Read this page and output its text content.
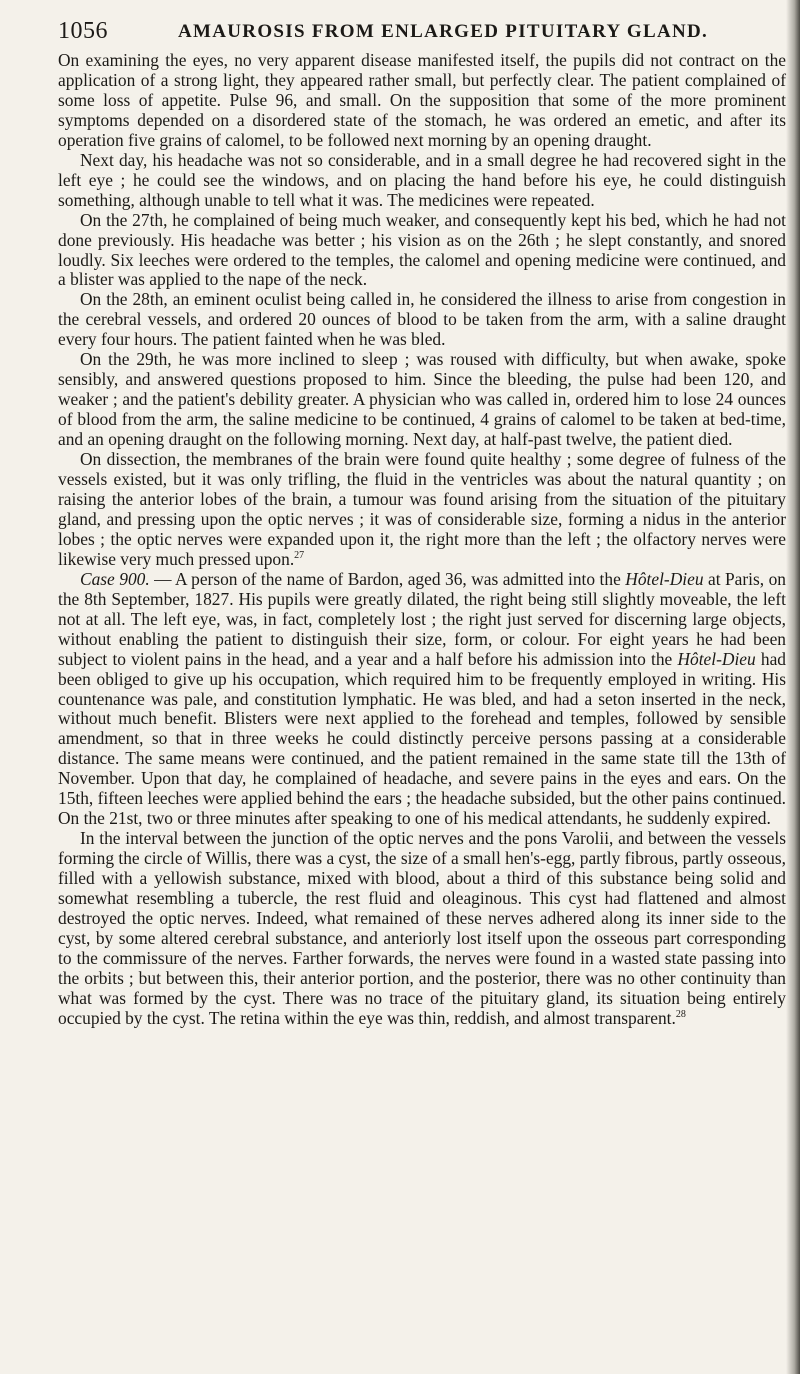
1056	AMAUROSIS FROM ENLARGED PITUITARY GLAND.

On examining the eyes, no very apparent disease manifested itself, the pupils did not contract on the application of a strong light, they appeared rather small, but perfectly clear. The patient complained of some loss of appetite. Pulse 96, and small. On the supposition that some of the more prominent symptoms depended on a disordered state of the stomach, he was ordered an emetic, and after its operation five grains of calomel, to be followed next morning by an opening draught.

Next day, his headache was not so considerable, and in a small degree he had recovered sight in the left eye ; he could see the windows, and on placing the hand before his eye, he could distinguish something, although unable to tell what it was. The medicines were repeated.

On the 27th, he complained of being much weaker, and consequently kept his bed, which he had not done previously. His headache was better ; his vision as on the 26th ; he slept constantly, and snored loudly. Six leeches were ordered to the temples, the calomel and opening medicine were continued, and a blister was applied to the nape of the neck.

On the 28th, an eminent oculist being called in, he considered the illness to arise from congestion in the cerebral vessels, and ordered 20 ounces of blood to be taken from the arm, with a saline draught every four hours. The patient fainted when he was bled.

On the 29th, he was more inclined to sleep ; was roused with difficulty, but when awake, spoke sensibly, and answered questions proposed to him. Since the bleeding, the pulse had been 120, and weaker ; and the patient's debility greater. A physician who was called in, ordered him to lose 24 ounces of blood from the arm, the saline medicine to be continued, 4 grains of calomel to be taken at bed-time, and an opening draught on the following morning. Next day, at half-past twelve, the patient died.

On dissection, the membranes of the brain were found quite healthy ; some degree of fulness of the vessels existed, but it was only trifling, the fluid in the ventricles was about the natural quantity ; on raising the anterior lobes of the brain, a tumour was found arising from the situation of the pituitary gland, and pressing upon the optic nerves ; it was of considerable size, forming a nidus in the anterior lobes ; the optic nerves were expanded upon it, the right more than the left ; the olfactory nerves were likewise very much pressed upon.$^{27}$

Case 900. — A person of the name of Bardon, aged 36, was admitted into the Hôtel-Dieu at Paris, on the 8th September, 1827. His pupils were greatly dilated, the right being still slightly moveable, the left not at all. The left eye, was, in fact, completely lost ; the right just served for discerning large objects, without enabling the patient to distinguish their size, form, or colour. For eight years he had been subject to violent pains in the head, and a year and a half before his admission into the Hôtel-Dieu had been obliged to give up his occupation, which required him to be frequently employed in writing. His countenance was pale, and constitution lymphatic. He was bled, and had a seton inserted in the neck, without much benefit. Blisters were next applied to the forehead and temples, followed by sensible amendment, so that in three weeks he could distinctly perceive persons passing at a considerable distance. The same means were continued, and the patient remained in the same state till the 13th of November. Upon that day, he complained of headache, and severe pains in the eyes and ears. On the 15th, fifteen leeches were applied behind the ears ; the headache subsided, but the other pains continued. On the 21st, two or three minutes after speaking to one of his medical attendants, he suddenly expired.

In the interval between the junction of the optic nerves and the pons Varolii, and between the vessels forming the circle of Willis, there was a cyst, the size of a small hen's-egg, partly fibrous, partly osseous, filled with a yellowish substance, mixed with blood, about a third of this substance being solid and somewhat resembling a tubercle, the rest fluid and oleaginous. This cyst had flattened and almost destroyed the optic nerves. Indeed, what remained of these nerves adhered along its inner side to the cyst, by some altered cerebral substance, and anteriorly lost itself upon the osseous part corresponding to the commissure of the nerves. Farther forwards, the nerves were found in a wasted state passing into the orbits ; but between this, their anterior portion, and the posterior, there was no other continuity than what was formed by the cyst. There was no trace of the pituitary gland, its situation being entirely occupied by the cyst. The retina within the eye was thin, reddish, and almost transparent.$^{28}$
